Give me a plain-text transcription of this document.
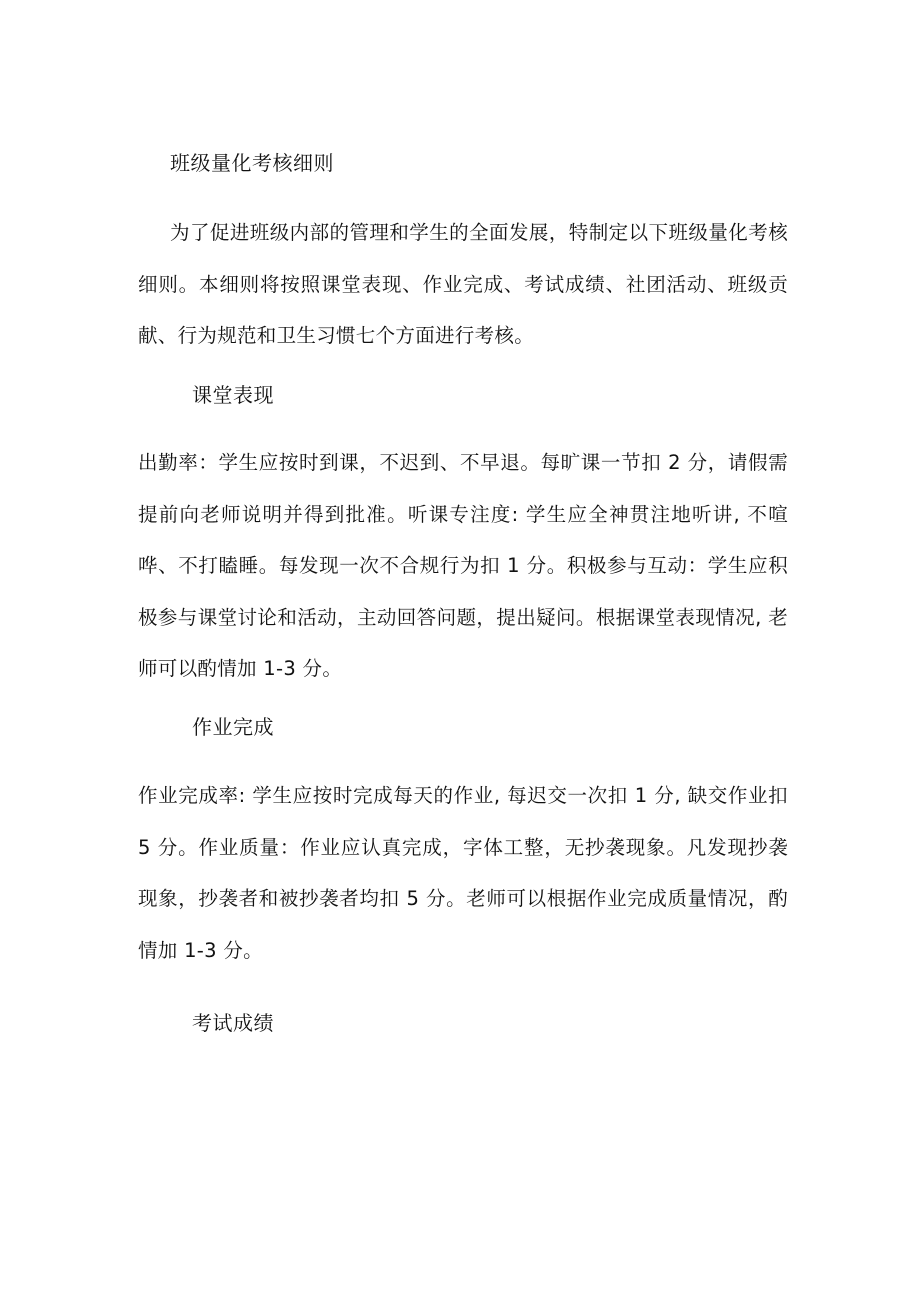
班级量化考核细则
为了促进班级内部的管理和学生的全面发展，特制定以下班级量化考核细则。本细则将按照课堂表现、作业完成、考试成绩、社团活动、班级贡献、行为规范和卫生习惯七个方面进行考核。
课堂表现
出勤率：学生应按时到课，不迟到、不早退。每旷课一节扣 2 分，请假需提前向老师说明并得到批准。听课专注度: 学生应全神贯注地听讲, 不喧哗、不打瞌睡。每发现一次不合规行为扣 1 分。积极参与互动：学生应积极参与课堂讨论和活动，主动回答问题，提出疑问。根据课堂表现情况, 老师可以酌情加 1-3 分。
作业完成
作业完成率: 学生应按时完成每天的作业, 每迟交一次扣 1 分, 缺交作业扣 5 分。作业质量：作业应认真完成，字体工整，无抄袭现象。凡发现抄袭现象，抄袭者和被抄袭者均扣 5 分。老师可以根据作业完成质量情况，酌情加 1-3 分。
考试成绩
